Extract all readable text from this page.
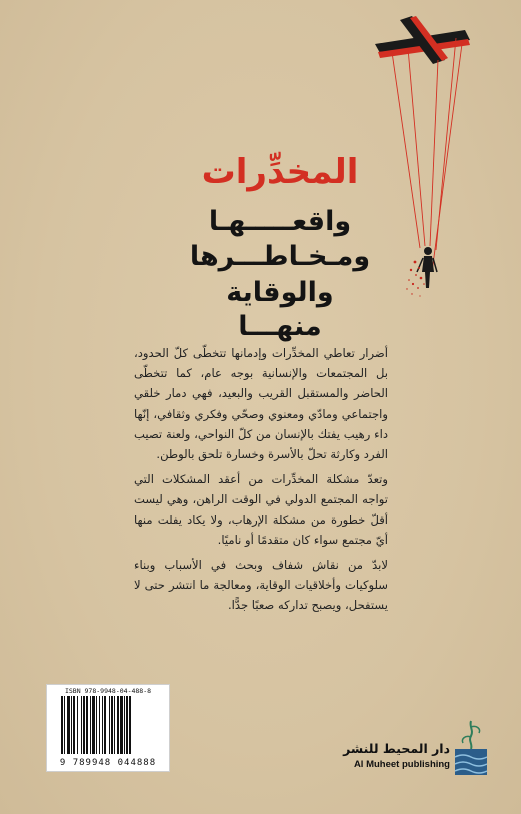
المخدِّرات
واقعـــــهـا
ومـخـاطـــرها
والوقاية منهـــا

أضرار تعاطي المخدِّرات وإدمانها تتخطّى كلّ الحدود، بل المجتمعات والإنسانية بوجه عام، كما تتخطّى الحاضر والمستقبل القريب والبعيد، فهي دمار خلقي واجتماعي ومادّي ومعنوي وصحّي وفكري وثقافي، إنّها داء رهيب يفتك بالإنسان من كلّ النواحي، ولعنة تصيب الفرد وكارثة تحلّ بالأسرة وخسارة تلحق بالوطن.

وتعدّ مشكلة المخدِّرات من أعقد المشكلات التي تواجه المجتمع الدولي في الوقت الراهن، وهي ليست أقلّ خطورة من مشكلة الإرهاب، ولا يكاد يفلت منها أيّ مجتمع سواء كان متقدمًا أو ناميًا.

لابدّ من نقاش شفاف وبحث في الأسباب وبناء سلوكيات وأخلاقيات الوقاية، ومعالجة ما انتشر حتى لا يستفحل، ويصبح تداركه صعبًا جدًّا.

ISBN 978-9948-04-488-8
9 789948 044888
دار المحيط للنشر
Al Muheet publishing
